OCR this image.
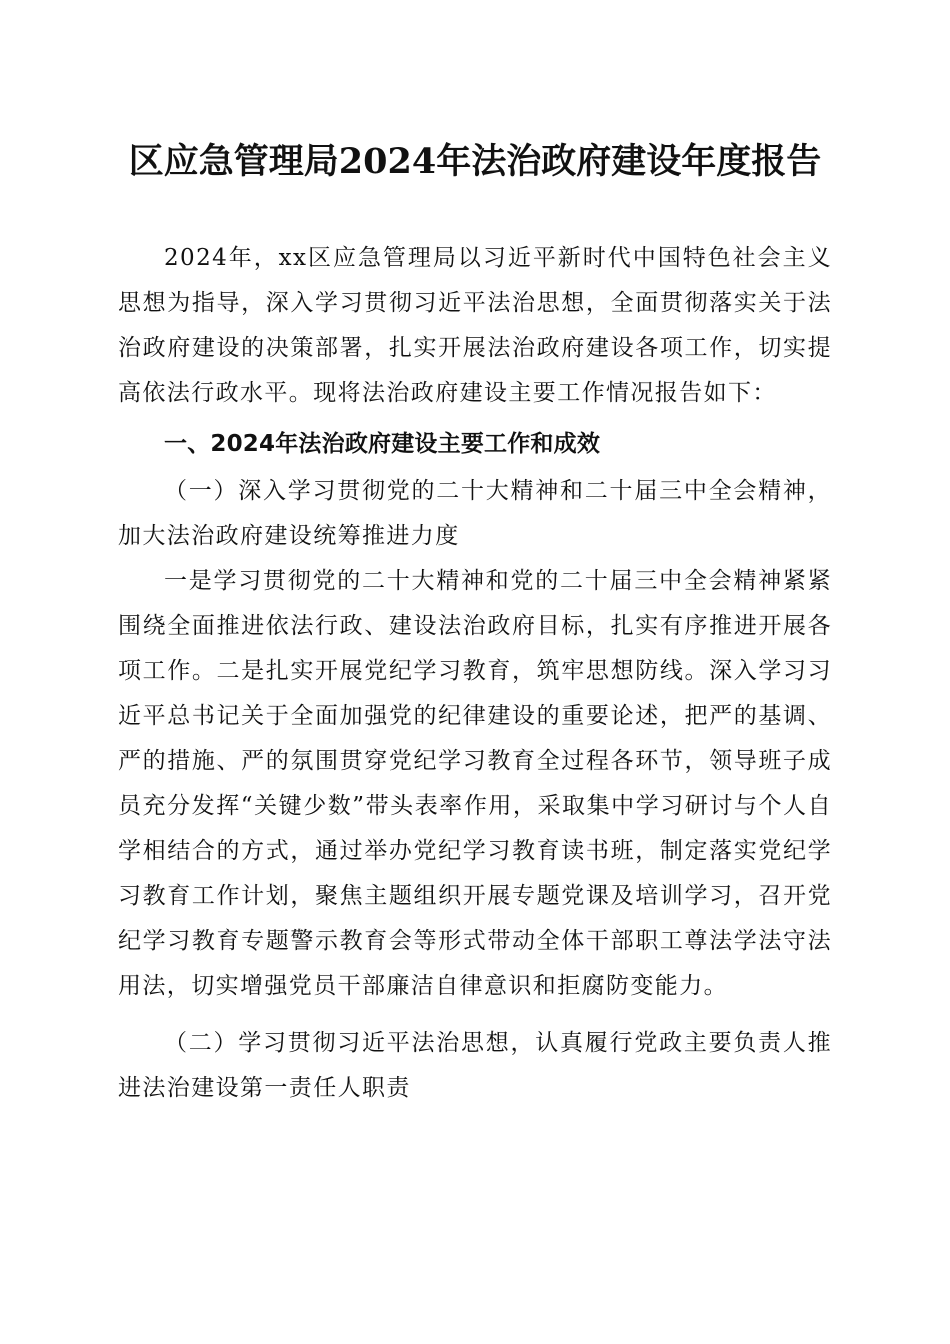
区应急管理局2024年法治政府建设年度报告

2024年，xx区应急管理局以习近平新时代中国特色社会主义思想为指导，深入学习贯彻习近平法治思想，全面贯彻落实关于法治政府建设的决策部署，扎实开展法治政府建设各项工作，切实提高依法行政水平。现将法治政府建设主要工作情况报告如下：

一、2024年法治政府建设主要工作和成效

（一）深入学习贯彻党的二十大精神和二十届三中全会精神，加大法治政府建设统筹推进力度

一是学习贯彻党的二十大精神和党的二十届三中全会精神紧紧围绕全面推进依法行政、建设法治政府目标，扎实有序推进开展各项工作。二是扎实开展党纪学习教育，筑牢思想防线。深入学习习近平总书记关于全面加强党的纪律建设的重要论述，把严的基调、严的措施、严的氛围贯穿党纪学习教育全过程各环节，领导班子成员充分发挥“关键少数”带头表率作用，采取集中学习研讨与个人自学相结合的方式，通过举办党纪学习教育读书班，制定落实党纪学习教育工作计划，聚焦主题组织开展专题党课及培训学习，召开党纪学习教育专题警示教育会等形式带动全体干部职工尊法学法守法用法，切实增强党员干部廉洁自律意识和拒腐防变能力。

（二）学习贯彻习近平法治思想，认真履行党政主要负责人推进法治建设第一责任人职责
